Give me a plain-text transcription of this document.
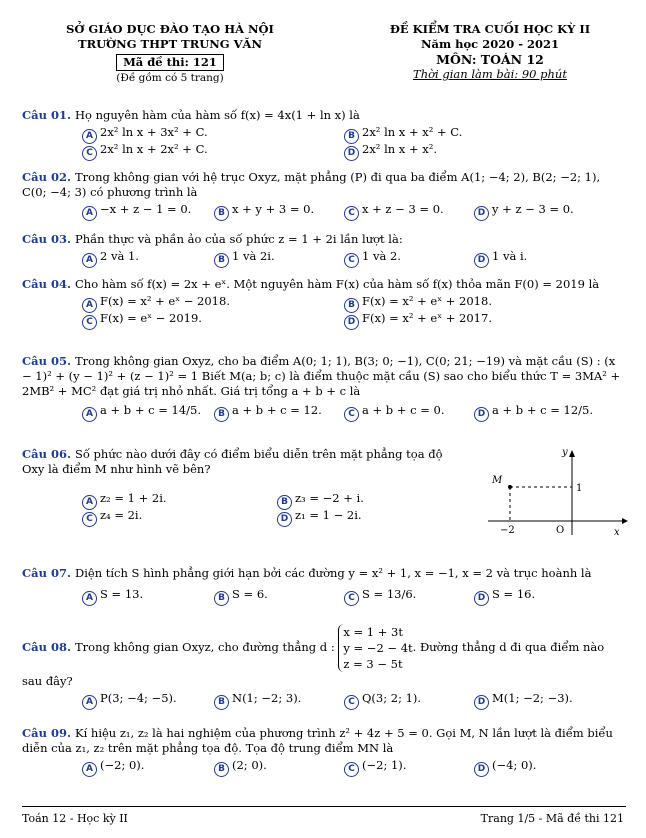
SỞ GIÁO DỤC ĐÀO TẠO HÀ NỘI
TRƯỜNG THPT TRUNG VĂN
Mã đề thi: 121
(Đề gồm có 5 trang)
ĐỀ KIỂM TRA CUỐI HỌC KỲ II
Năm học 2020 - 2021
MÔN: TOÁN 12
Thời gian làm bài: 90 phút
Câu 01. Họ nguyên hàm của hàm số f(x) = 4x(1 + ln x) là
A 2x² ln x + 3x² + C.	B 2x² ln x + x² + C.
C 2x² ln x + 2x² + C.	D 2x² ln x + x².
Câu 02. Trong không gian với hệ trục Oxyz, mặt phẳng (P) đi qua ba điểm A(1; −4; 2), B(2; −2; 1), C(0; −4; 3) có phương trình là
A −x + z − 1 = 0.	B x + y + 3 = 0.	C x + z − 3 = 0.	D y + z − 3 = 0.
Câu 03. Phần thực và phần ảo của số phức z = 1 + 2i lần lượt là:
A 2 và 1.	B 1 và 2i.	C 1 và 2.	D 1 và i.
Câu 04. Cho hàm số f(x) = 2x + eˣ. Một nguyên hàm F(x) của hàm số f(x) thỏa mãn F(0) = 2019 là
A F(x) = x² + eˣ − 2018.	B F(x) = x² + eˣ + 2018.
C F(x) = eˣ − 2019.	D F(x) = x² + eˣ + 2017.
Câu 05. Trong không gian Oxyz, cho ba điểm A(0; 1; 1), B(3; 0; −1), C(0; 21; −19) và mặt cầu (S) : (x − 1)² + (y − 1)² + (z − 1)² = 1 Biết M(a; b; c) là điểm thuộc mặt cầu (S) sao cho biểu thức T = 3MA² + 2MB² + MC² đạt giá trị nhỏ nhất. Giá trị tổng a + b + c là
A a + b + c = 14/5.	B a + b + c = 12.	C a + b + c = 0.	D a + b + c = 12/5.
Câu 06. Số phức nào dưới đây có điểm biểu diễn trên mặt phẳng tọa độ Oxy là điểm M như hình vẽ bên?
A z₂ = 1 + 2i.	B z₃ = −2 + i.
C z₄ = 2i.	D z₁ = 1 − 2i.
y
x
M
1
−2	O
Câu 07. Diện tích S hình phẳng giới hạn bởi các đường y = x² + 1, x = −1, x = 2 và trục hoành là
A S = 13.	B S = 6.	C S = 13/6.	D S = 16.
Câu 08. Trong không gian Oxyz, cho đường thẳng d :
x = 1 + 3t
y = −2 − 4t
z = 3 − 5t
. Đường thẳng d đi qua điểm nào
sau đây?
A P(3; −4; −5).	B N(1; −2; 3).	C Q(3; 2; 1).	D M(1; −2; −3).
Câu 09. Kí hiệu z₁, z₂ là hai nghiệm của phương trình z² + 4z + 5 = 0. Gọi M, N lần lượt là điểm biểu diễn của z₁, z₂ trên mặt phẳng tọa độ. Tọa độ trung điểm MN là
A (−2; 0).	B (2; 0).	C (−2; 1).	D (−4; 0).
Toán 12 - Học kỳ II	Trang 1/5 - Mã đề thi 121
